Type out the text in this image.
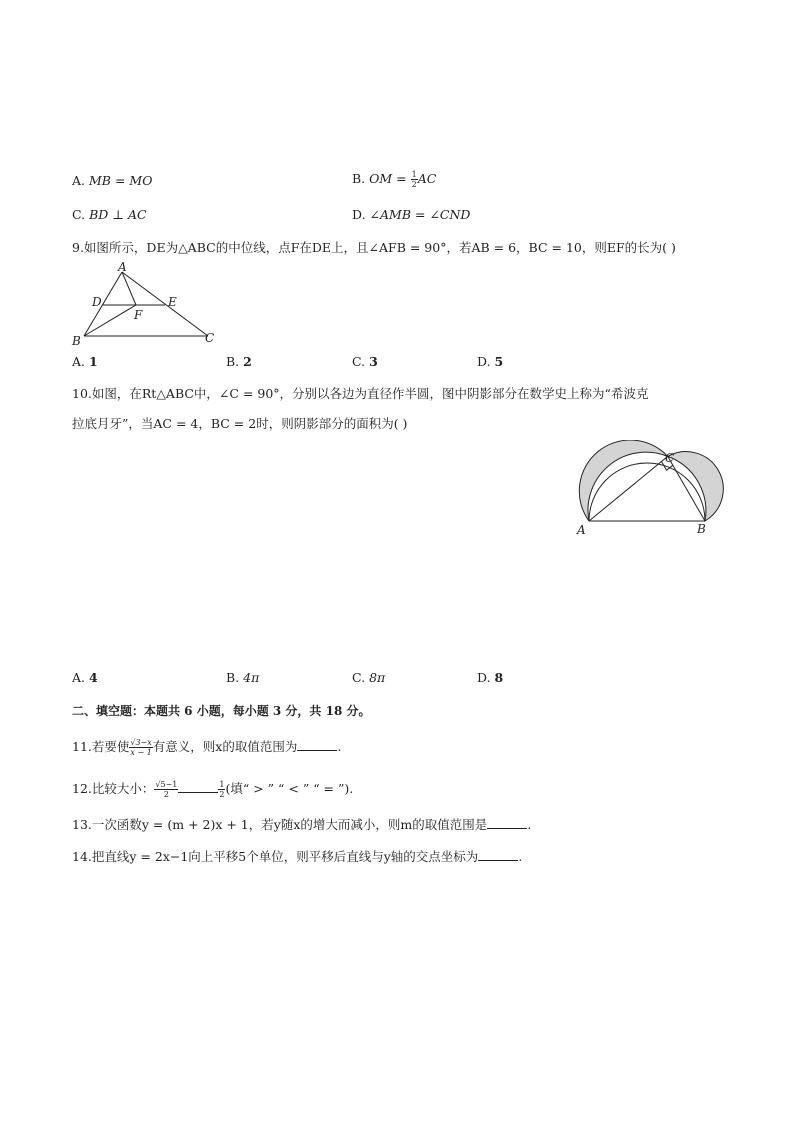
A. MB = MO	B. OM = $\frac{1}{2}$ AC
C. BD ⊥ AC	D. ∠AMB = ∠CND
9.如图所示，DE为△ABC的中位线，点F在DE上，且∠AFB = 90°，若AB = 6，BC = 10，则EF的长为( )
A
D	E
F
B	C
A. 1	B. 2	C. 3	D. 5
10.如图，在Rt△ABC中，∠C = 90°，分别以各边为直径作半圆，图中阴影部分在数学史上称为“希波克
拉底月牙”，当AC = 4，BC = 2时，则阴影部分的面积为( )
A	B
C
A. 4	B. 4π	C. 8π	D. 8
二、填空题：本题共 6 小题，每小题 3 分，共 18 分。
11.若要使 $\frac{√3-x}{x - 1}$ 有意义，则x的取值范围为	.
12.比较大小： $\frac{√5-1}{2}$	$\frac{1}{2}$ (填“ > ” “ < ” “ = ”).
13.一次函数y = (m + 2)x + 1，若y随x的增大而减小，则m的取值范围是	.
14.把直线y = 2x−1向上平移5个单位，则平移后直线与y轴的交点坐标为	.
